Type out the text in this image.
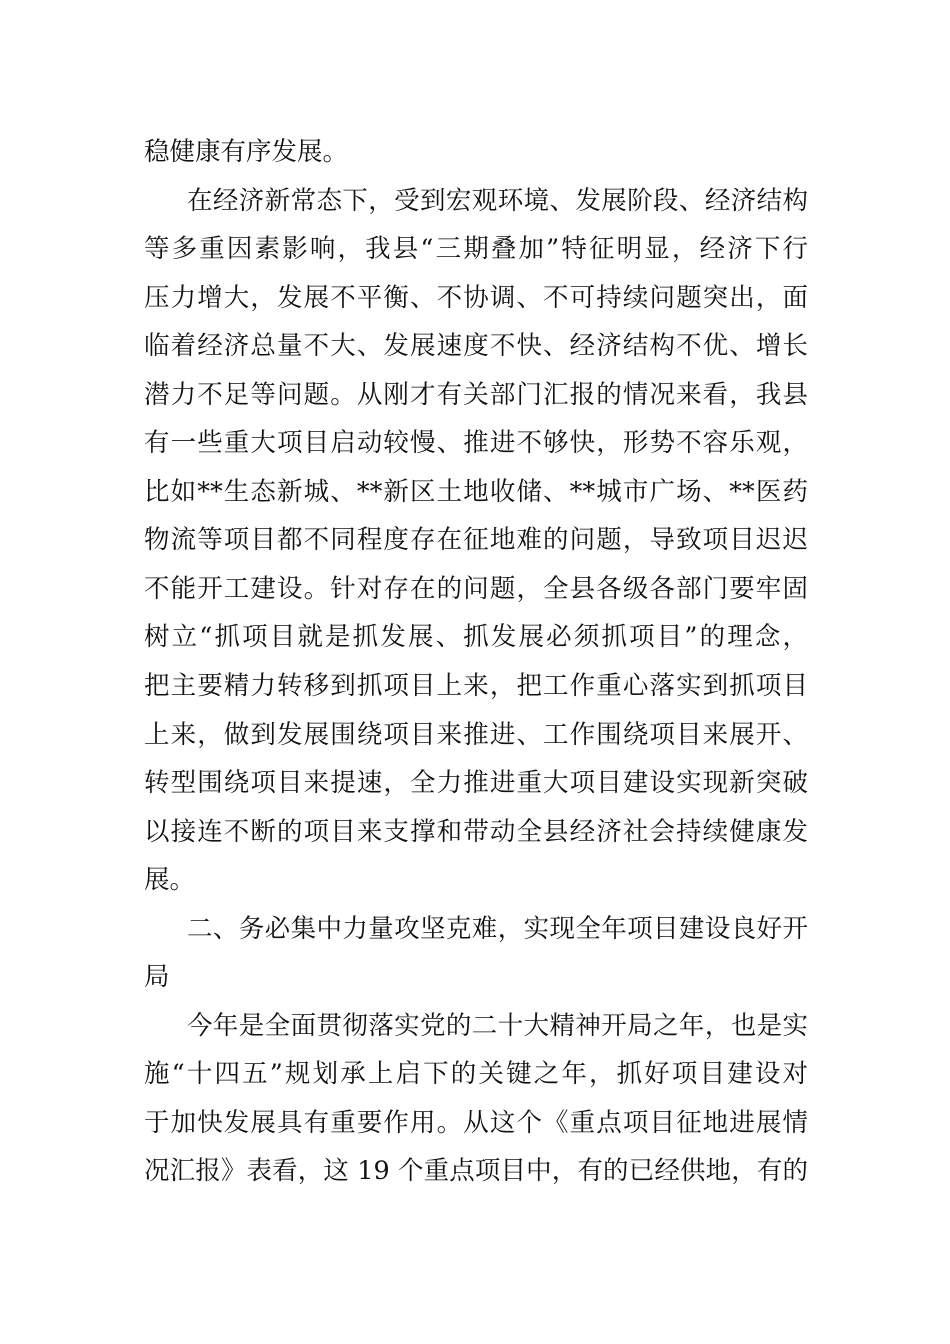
稳健康有序发展。
在经济新常态下，受到宏观环境、发展阶段、经济结构
等多重因素影响，我县“三期叠加”特征明显，经济下行
压力增大，发展不平衡、不协调、不可持续问题突出，面
临着经济总量不大、发展速度不快、经济结构不优、增长
潜力不足等问题。从刚才有关部门汇报的情况来看，我县
有一些重大项目启动较慢、推进不够快，形势不容乐观，
比如**生态新城、**新区土地收储、**城市广场、**医药
物流等项目都不同程度存在征地难的问题，导致项目迟迟
不能开工建设。针对存在的问题，全县各级各部门要牢固
树立“抓项目就是抓发展、抓发展必须抓项目”的理念，
把主要精力转移到抓项目上来，把工作重心落实到抓项目
上来，做到发展围绕项目来推进、工作围绕项目来展开、
转型围绕项目来提速，全力推进重大项目建设实现新突破
以接连不断的项目来支撑和带动全县经济社会持续健康发
展。
二、务必集中力量攻坚克难，实现全年项目建设良好开
局
今年是全面贯彻落实党的二十大精神开局之年，也是实
施“十四五”规划承上启下的关键之年，抓好项目建设对
于加快发展具有重要作用。从这个《重点项目征地进展情
况汇报》表看，这 19 个重点项目中，有的已经供地，有的
